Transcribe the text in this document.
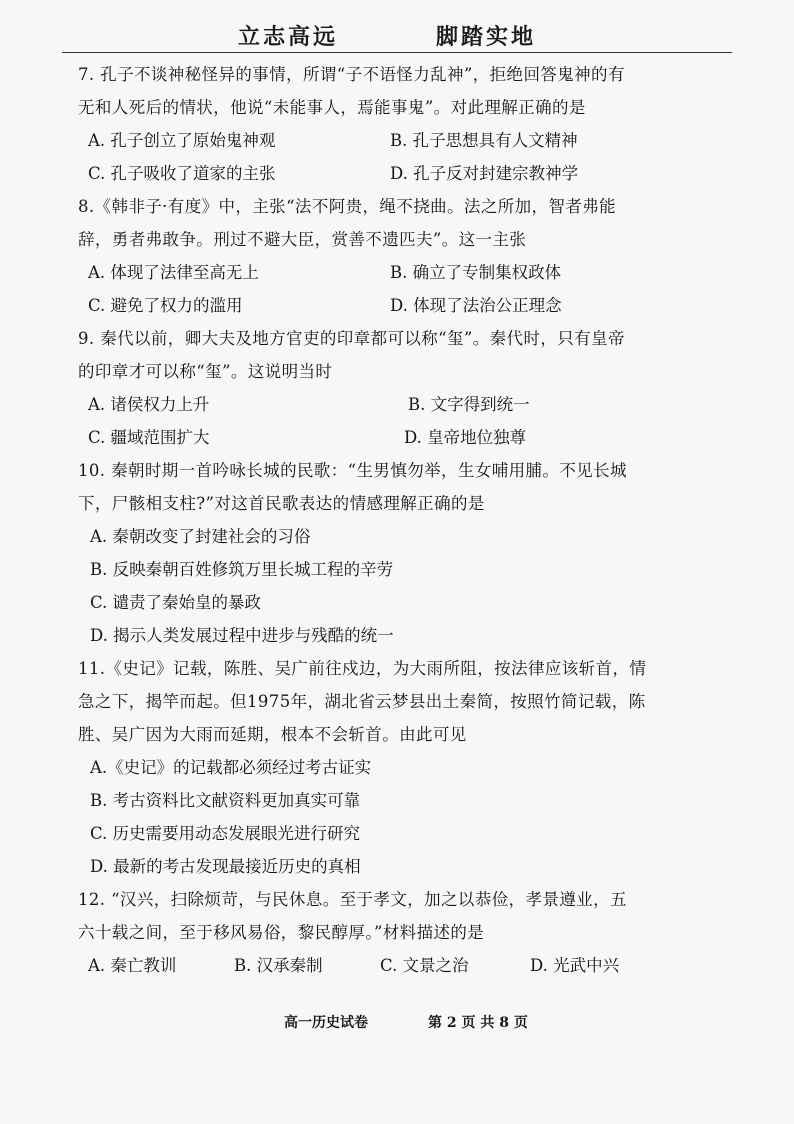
立志高远	脚踏实地

7. 孔子不谈神秘怪异的事情，所谓“子不语怪力乱神”，拒绝回答鬼神的有

无和人死后的情状，他说“未能事人，焉能事鬼”。对此理解正确的是

A. 孔子创立了原始鬼神观	B. 孔子思想具有人文精神
C. 孔子吸收了道家的主张	D. 孔子反对封建宗教神学

8.《韩非子·有度》中，主张“法不阿贵，绳不挠曲。法之所加，智者弗能

辞，勇者弗敢争。刑过不避大臣，赏善不遗匹夫”。这一主张

A. 体现了法律至高无上	B. 确立了专制集权政体
C. 避免了权力的滥用	D. 体现了法治公正理念

9. 秦代以前，卿大夫及地方官吏的印章都可以称“玺”。秦代时，只有皇帝

的印章才可以称“玺”。这说明当时

A. 诸侯权力上升	B. 文字得到统一
C. 疆域范围扩大	D. 皇帝地位独尊

10. 秦朝时期一首吟咏长城的民歌：“生男慎勿举，生女哺用脯。不见长城

下，尸骸相支柱?”对这首民歌表达的情感理解正确的是

A. 秦朝改变了封建社会的习俗
B. 反映秦朝百姓修筑万里长城工程的辛劳
C. 谴责了秦始皇的暴政
D. 揭示人类发展过程中进步与残酷的统一

11.《史记》记载，陈胜、吴广前往戍边，为大雨所阻，按法律应该斩首，情

急之下，揭竿而起。但1975年，湖北省云梦县出土秦简，按照竹简记载，陈

胜、吴广因为大雨而延期，根本不会斩首。由此可见

A.《史记》的记载都必须经过考古证实
B. 考古资料比文献资料更加真实可靠
C. 历史需要用动态发展眼光进行研究
D. 最新的考古发现最接近历史的真相

12. “汉兴，扫除烦苛，与民休息。至于孝文，加之以恭俭，孝景遵业，五

六十载之间，至于移风易俗，黎民醇厚。”材料描述的是

A. 秦亡教训	B. 汉承秦制	C. 文景之治	D. 光武中兴
高一历史试卷	第 2 页 共 8 页
